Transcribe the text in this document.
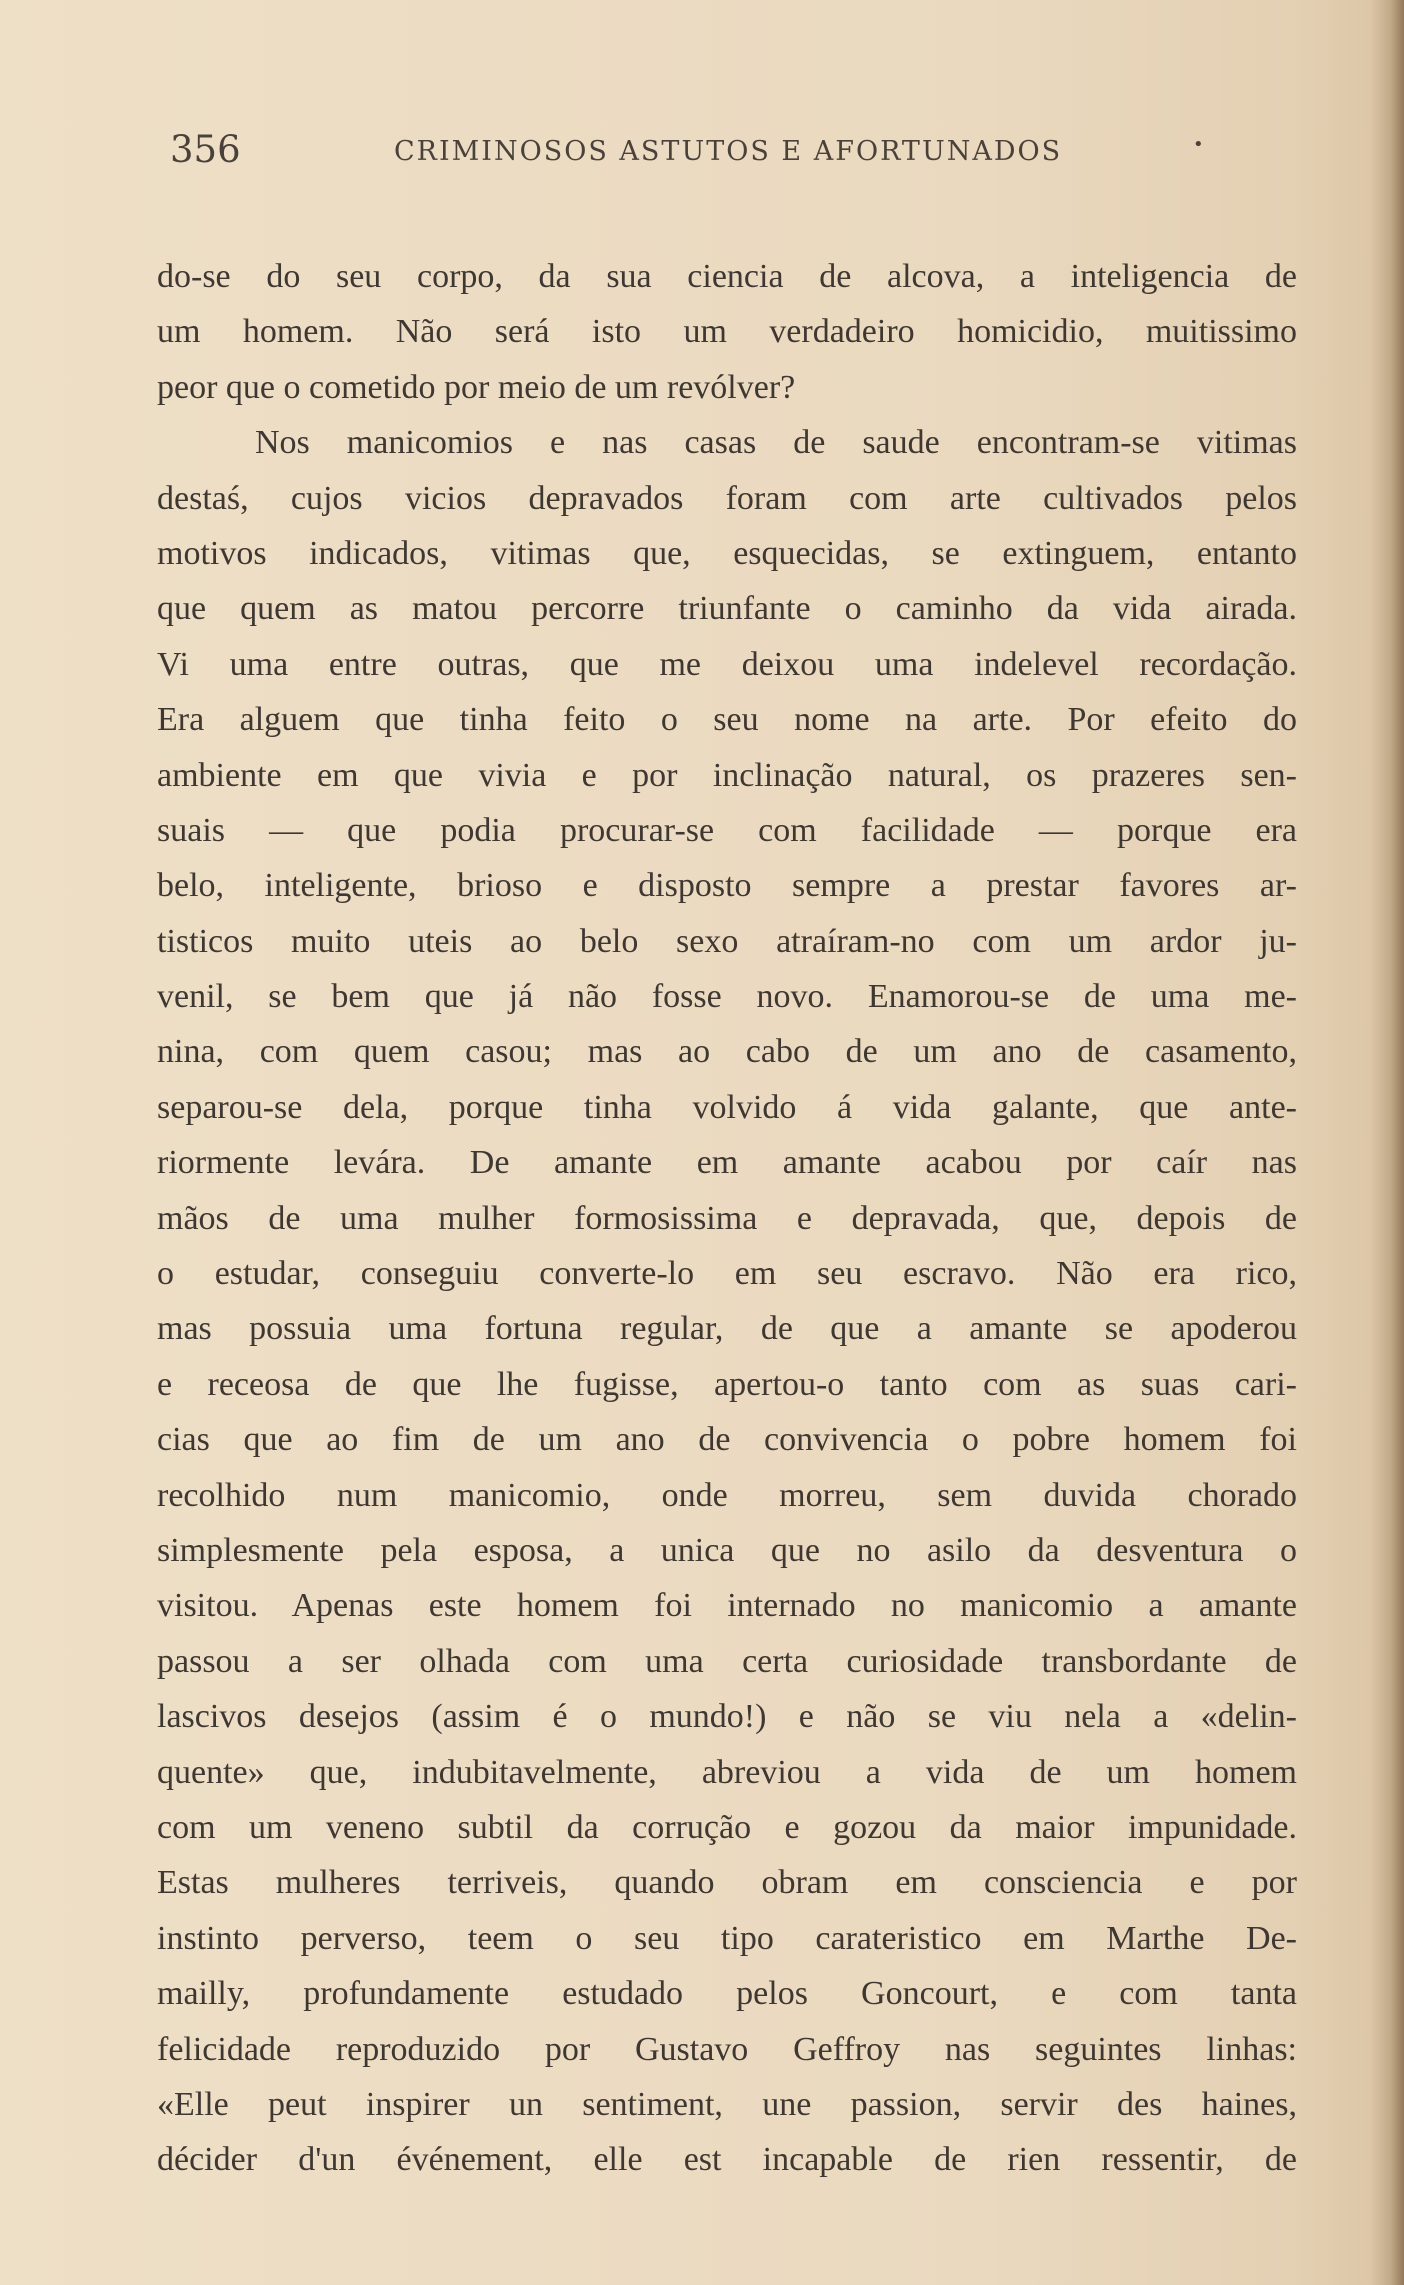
356	CRIMINOSOS ASTUTOS E AFORTUNADOS	•
do-se do seu corpo, da sua ciencia de alcova, a inteligencia de
um homem. Não será isto um verdadeiro homicidio, muitissimo
peor que o cometido por meio de um revólver?
Nos manicomios e nas casas de saude encontram-se vitimas
destaś, cujos vicios depravados foram com arte cultivados pelos
motivos indicados, vitimas que, esquecidas, se extinguem, entanto
que quem as matou percorre triunfante o caminho da vida airada.
Vi uma entre outras, que me deixou uma indelevel recordação.
Era alguem que tinha feito o seu nome na arte. Por efeito do
ambiente em que vivia e por inclinação natural, os prazeres sen-
suais — que podia procurar-se com facilidade — porque era
belo, inteligente, brioso e disposto sempre a prestar favores ar-
tisticos muito uteis ao belo sexo atraíram-no com um ardor ju-
venil, se bem que já não fosse novo. Enamorou-se de uma me-
nina, com quem casou; mas ao cabo de um ano de casamento,
separou-se dela, porque tinha volvido á vida galante, que ante-
riormente levára. De amante em amante acabou por caír nas
mãos de uma mulher formosissima e depravada, que, depois de
o estudar, conseguiu converte-lo em seu escravo. Não era rico,
mas possuia uma fortuna regular, de que a amante se apoderou
e receosa de que lhe fugisse, apertou-o tanto com as suas cari-
cias que ao fim de um ano de convivencia o pobre homem foi
recolhido num manicomio, onde morreu, sem duvida chorado
simplesmente pela esposa, a unica que no asilo da desventura o
visitou. Apenas este homem foi internado no manicomio a amante
passou a ser olhada com uma certa curiosidade transbordante de
lascivos desejos (assim é o mundo!) e não se viu nela a «delin-
quente» que, indubitavelmente, abreviou a vida de um homem
com um veneno subtil da corrução e gozou da maior impunidade.
Estas mulheres terriveis, quando obram em consciencia e por
instinto perverso, teem o seu tipo carateristico em Marthe De-
mailly, profundamente estudado pelos Goncourt, e com tanta
felicidade reproduzido por Gustavo Geffroy nas seguintes linhas:
«Elle peut inspirer un sentiment, une passion, servir des haines,
décider d'un événement, elle est incapable de rien ressentir, de
